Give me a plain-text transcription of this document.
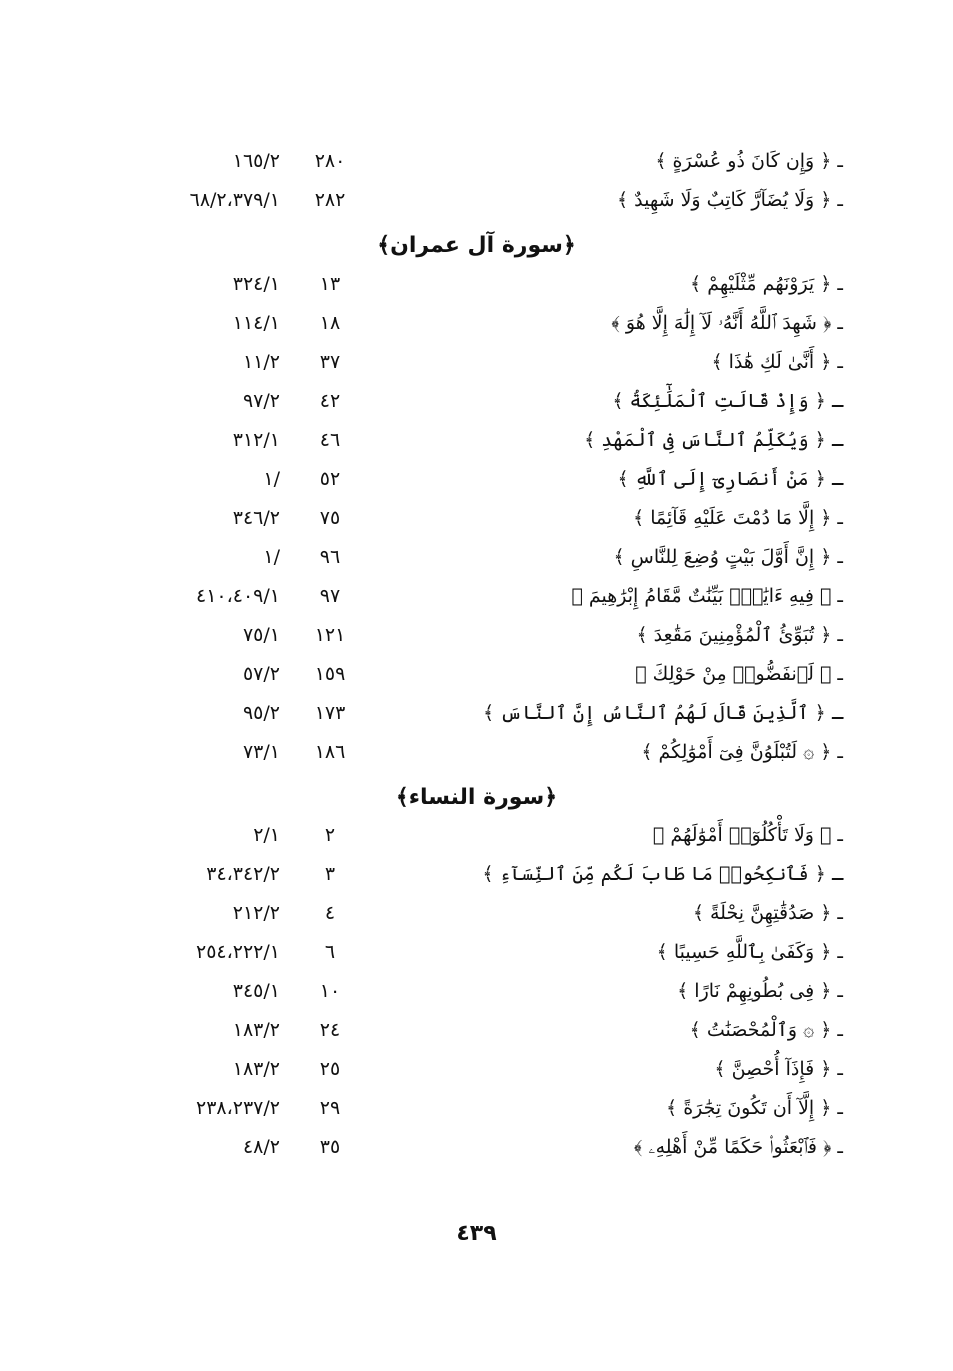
ـ ﴿ وَإِن كَانَ ذُو عُسْرَةٍ ﴾
٢٨٠
١٦٥/٢
ـ ﴿ وَلَا يُضَآرَّ كَاتِبٌ وَلَا شَهِيدٌ ﴾
٢٨٢
٦٨/٢،٣٧٩/١
﴿سورة آل عمران﴾
ـ ﴿ يَرَوْنَهُم مِّثْلَيْهِمْ ﴾
١٣
٣٢٤/١
ـ ﴿ شَهِدَ ٱللَّهُ أَنَّهُۥ لَآ إِلَٰهَ إِلَّا هُوَ ﴾
١٨
١١٤/١
ـ ﴿ أَنَّىٰ لَكِ هَٰذَا ﴾
٣٧
١١/٢
ـ ﴿ وَإِذْ قَالَتِ ٱلْمَلَٰٓئِكَةُ ﴾
٤٢
٩٧/٢
ـ ﴿ وَيُكَلِّمُ ٱلنَّاسَ فِى ٱلْمَهْدِ ﴾
٤٦
٣١٢/١
ـ ﴿ مَنْ أَنصَارِىٓ إِلَى ٱللَّهِ ﴾
٥٢
/١
ـ ﴿ إِلَّا مَا دُمْتَ عَلَيْهِ قَآئِمًا ﴾
٧٥
٣٤٦/٢
ـ ﴿ إِنَّ أَوَّلَ بَيْتٍ وُضِعَ لِلنَّاسِ ﴾
٩٦
/١
ـ ﴿ فِيهِ ءَايَٰتٌۢ بَيِّنَٰتٌ مَّقَامُ إِبْرَٰهِيمَ ﴾
٩٧
٤١٠،٤٠٩/١
ـ ﴿ تُبَوِّئُ ٱلْمُؤْمِنِينَ مَقَٰعِدَ ﴾
١٢١
٧٥/١
ـ ﴿ لَٱنفَضُّوا۟ مِنْ حَوْلِكَ ﴾
١٥٩
٥٧/٢
ـ ﴿ ٱلَّذِينَ قَالَ لَهُمُ ٱلنَّاسُ إِنَّ ٱلنَّاسَ ﴾
١٧٣
٩٥/٢
ـ ﴿ ۞ لَتُبْلَوُنَّ فِىٓ أَمْوَٰلِكُمْ ﴾
١٨٦
٧٣/١
﴿سورة النساء﴾
ـ ﴿ وَلَا تَأْكُلُوٓا۟ أَمْوَٰلَهُمْ ﴾
٢
٢/١
ـ ﴿ فَٱنكِحُوا۟ مَا طَابَ لَكُم مِّنَ ٱلنِّسَآءِ ﴾
٣
٣٤،٣٤٢/٢
ـ ﴿ صَدُقَٰتِهِنَّ نِحْلَةً ﴾
٤
٢١٢/٢
ـ ﴿ وَكَفَىٰ بِٱللَّهِ حَسِيبًا ﴾
٦
٢٥٤،٢٢٢/١
ـ ﴿ فِى بُطُونِهِمْ نَارًا ﴾
١٠
٣٤٥/١
ـ ﴿ ۞ وَٱلْمُحْصَنَٰتُ ﴾
٢٤
١٨٣/٢
ـ ﴿ فَإِذَآ أُحْصِنَّ ﴾
٢٥
١٨٣/٢
ـ ﴿ إِلَّآ أَن تَكُونَ تِجَٰرَةً ﴾
٢٩
٢٣٨،٢٣٧/٢
ـ ﴿ فَٱبْعَثُوا۟ حَكَمًا مِّنْ أَهْلِهِۦ ﴾
٣٥
٤٨/٢
٤٣٩
